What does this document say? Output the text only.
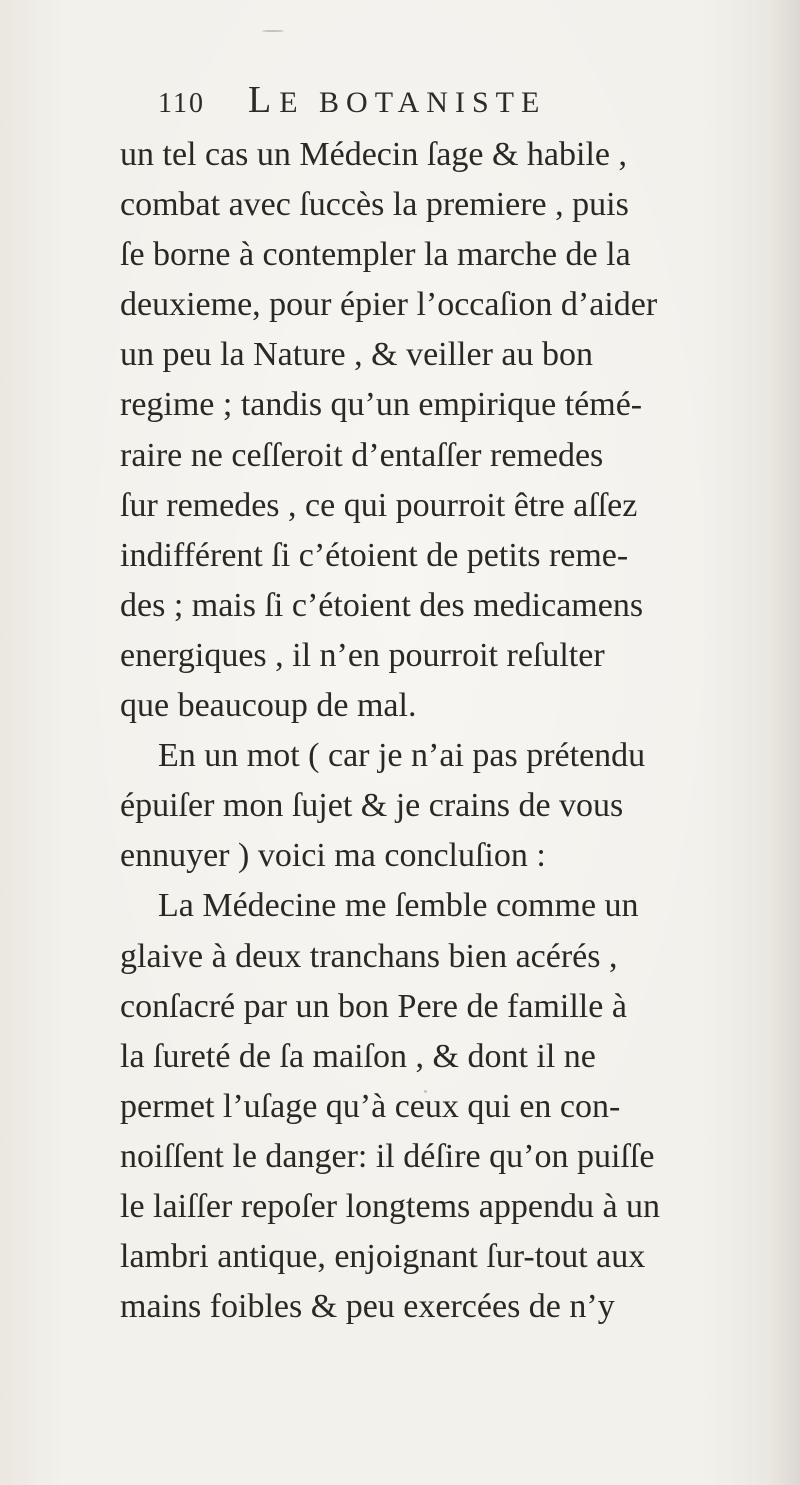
110	LE BOTANISTE
un tel cas un Médecin ſage & habile ,
combat avec ſuccès la premiere , puis
ſe borne à contempler la marche de la
deuxieme, pour épier l’occaſion d’aider
un peu la Nature , & veiller au bon
regime ; tandis qu’un empirique témé-
raire ne ceſſeroit d’entaſſer remedes
ſur remedes , ce qui pourroit être aſſez
indifférent ſi c’étoient de petits reme-
des ; mais ſi c’étoient des medicamens
energiques , il n’en pourroit reſulter
que beaucoup de mal.
En un mot ( car je n’ai pas prétendu
épuiſer mon ſujet & je crains de vous
ennuyer ) voici ma concluſion :
La Médecine me ſemble comme un
glaive à deux tranchans bien acérés ,
conſacré par un bon Pere de famille à
la ſureté de ſa maiſon , & dont il ne
permet l’uſage qu’à ceux qui en con-
noiſſent le danger: il déſire qu’on puiſſe
le laiſſer repoſer longtems appendu à un
lambri antique, enjoignant ſur-tout aux
mains foibles & peu exercées de n’y
